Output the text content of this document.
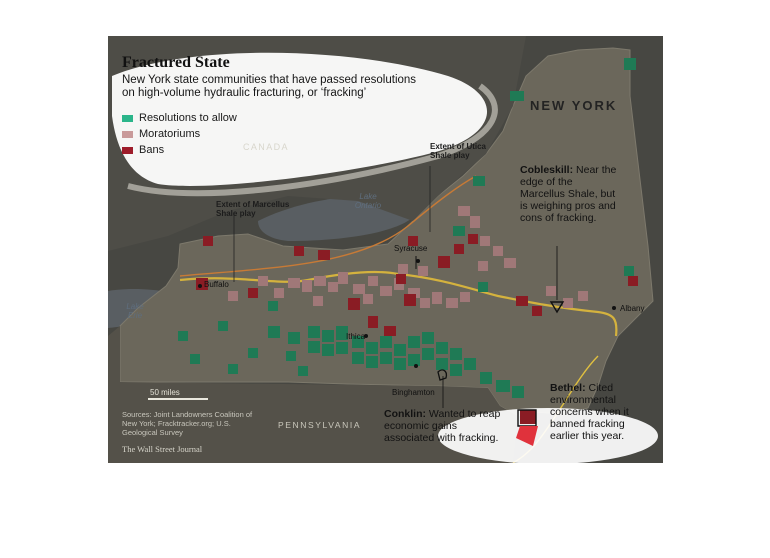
Fractured State

New York state communities that have passed resolutions on high-volume hydraulic fracturing, or ‘fracking’

Resolutions to allow
Moratoriums
Bans	CANADA

NEW YORK

PENNSYLVANIA

Lake Ontario

Lake Erie

Extent of Utica Shale play

Extent of Marcellus Shale play

Buffalo

Syracuse

Ithica

Binghamton

Albany

Cobleskill: Near the edge of the Marcellus Shale, but is weighing pros and cons of fracking.
Conklin: Wanted to reap economic gains associated with fracking.
Bethel: Cited environmental concerns when it banned fracking earlier this year.

50 miles

Sources: Joint Landowners Coalition of New York; Fracktracker.org; U.S. Geological Survey

The Wall Street Journal
